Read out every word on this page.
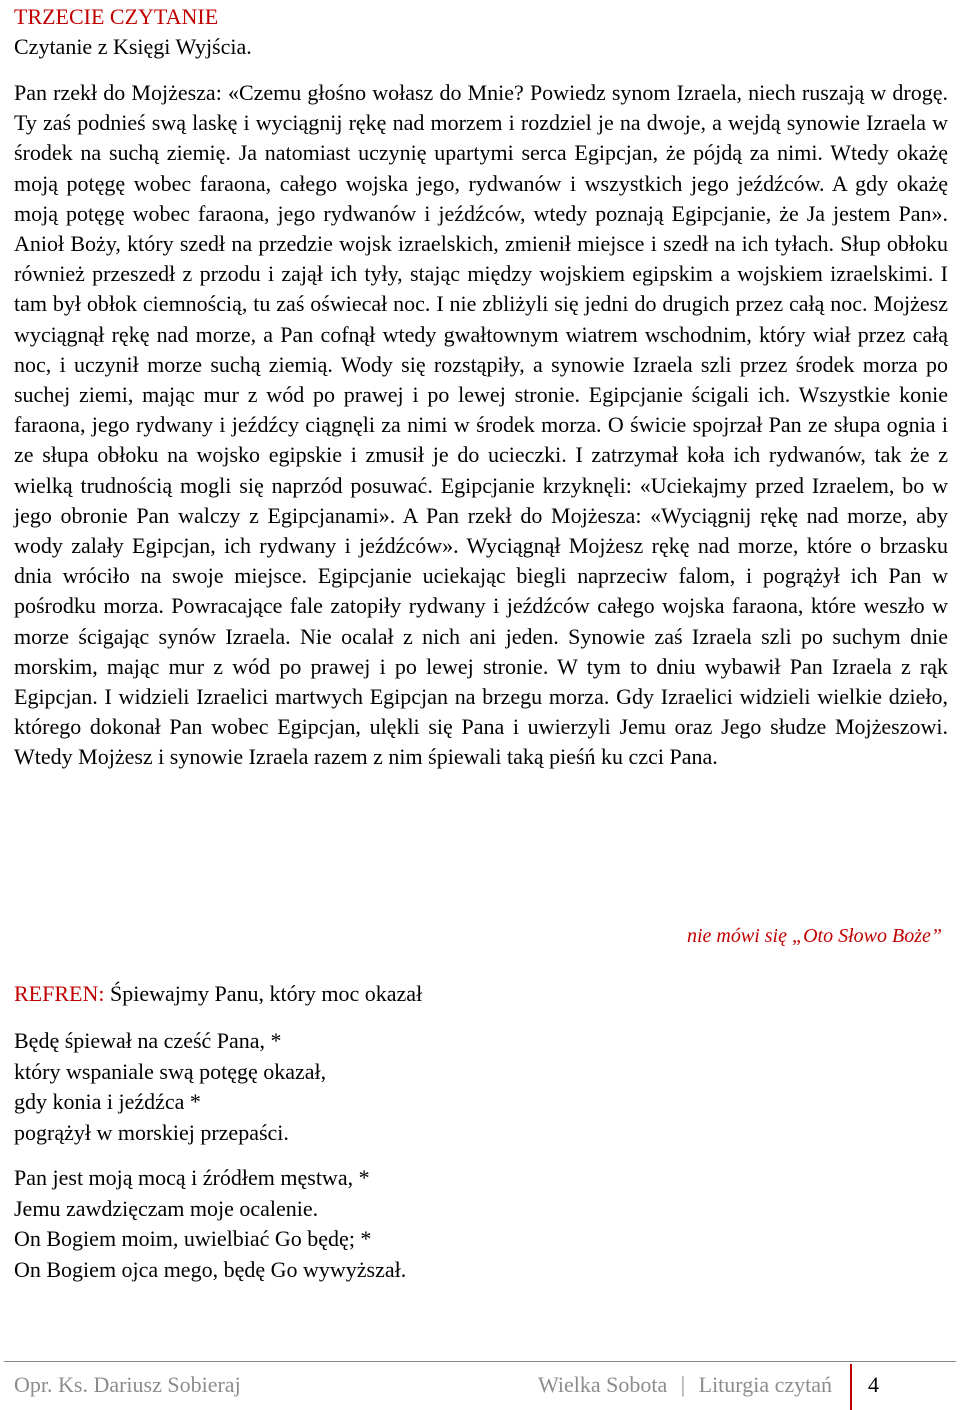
TRZECIE CZYTANIE
Czytanie z Księgi Wyjścia.

Pan rzekł do Mojżesza: «Czemu głośno wołasz do Mnie? Powiedz synom Izraela, niech ruszają w drogę. Ty zaś podnieś swą laskę i wyciągnij rękę nad morzem i rozdziel je na dwoje, a wejdą synowie Izraela w środek na suchą ziemię. Ja natomiast uczynię upartymi serca Egipcjan, że pójdą za nimi. Wtedy okażę moją potęgę wobec faraona, całego wojska jego, rydwanów i wszystkich jego jeźdźców. A gdy okażę moją potęgę wobec faraona, jego rydwanów i jeźdźców, wtedy poznają Egipcjanie, że Ja jestem Pan». Anioł Boży, który szedł na przedzie wojsk izraelskich, zmienił miejsce i szedł na ich tyłach. Słup obłoku również przeszedł z przodu i zajął ich tyły, stając między wojskiem egipskim a wojskiem izraelskimi. I tam był obłok ciemnością, tu zaś oświecał noc. I nie zbliżyli się jedni do drugich przez całą noc. Mojżesz wyciągnął rękę nad morze, a Pan cofnął wtedy gwałtownym wiatrem wschodnim, który wiał przez całą noc, i uczynił morze suchą ziemią. Wody się rozstąpiły, a synowie Izraela szli przez środek morza po suchej ziemi, mając mur z wód po prawej i po lewej stronie. Egipcjanie ścigali ich. Wszystkie konie faraona, jego rydwany i jeźdźcy ciągnęli za nimi w środek morza. O świcie spojrzał Pan ze słupa ognia i ze słupa obłoku na wojsko egipskie i zmusił je do ucieczki. I zatrzymał koła ich rydwanów, tak że z wielką trudnością mogli się naprzód posuwać. Egipcjanie krzyknęli: «Uciekajmy przed Izraelem, bo w jego obronie Pan walczy z Egipcjanami». A Pan rzekł do Mojżesza: «Wyciągnij rękę nad morze, aby wody zalały Egipcjan, ich rydwany i jeźdźców». Wyciągnął Mojżesz rękę nad morze, które o brzasku dnia wróciło na swoje miejsce. Egipcjanie uciekając biegli naprzeciw falom, i pogrążył ich Pan w pośrodku morza. Powracające fale zatopiły rydwany i jeźdźców całego wojska faraona, które weszło w morze ścigając synów Izraela. Nie ocalał z nich ani jeden. Synowie zaś Izraela szli po suchym dnie morskim, mając mur z wód po prawej i po lewej stronie. W tym to dniu wybawił Pan Izraela z rąk Egipcjan. I widzieli Izraelici martwych Egipcjan na brzegu morza. Gdy Izraelici widzieli wielkie dzieło, którego dokonał Pan wobec Egipcjan, ulękli się Pana i uwierzyli Jemu oraz Jego słudze Mojżeszowi. Wtedy Mojżesz i synowie Izraela razem z nim śpiewali taką pieśń ku czci Pana.

nie mówi się „Oto Słowo Boże”
REFREN: Śpiewajmy Panu, który moc okazał
Będę śpiewał na cześć Pana, *
który wspaniale swą potęgę okazał,
gdy konia i jeźdźca *
pogrążył w morskiej przepaści.
Pan jest moją mocą i źródłem męstwa, *
Jemu zawdzięczam moje ocalenie.
On Bogiem moim, uwielbiać Go będę; *
On Bogiem ojca mego, będę Go wywyższał.
Opr. Ks. Dariusz Sobieraj	Wielka Sobota | Liturgia czytań 4
